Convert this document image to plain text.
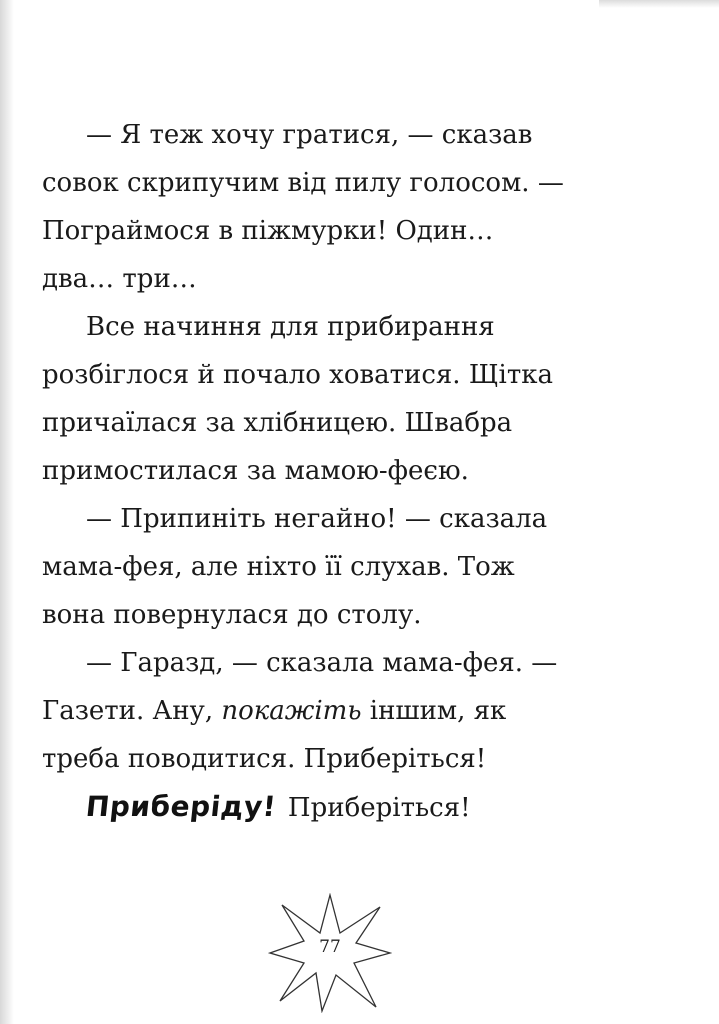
— Я теж хочу гратися, — сказав
совок скрипучим від пилу голосом. —
Пограймося в піжмурки! Один…
два… три…
Все начиння для прибирання
розбіглося й почало ховатися. Щітка
причаїлася за хлібницею. Швабра
примостилася за мамою-феєю.
— Припиніть негайно! — сказала
мама-фея, але ніхто її слухав. Тож
вона повернулася до столу.
— Гаразд, — сказала мама-фея. —
Газети. Ану, покажіть іншим, як
треба поводитися. Приберіться!
Приберіду! Приберіться!
77
